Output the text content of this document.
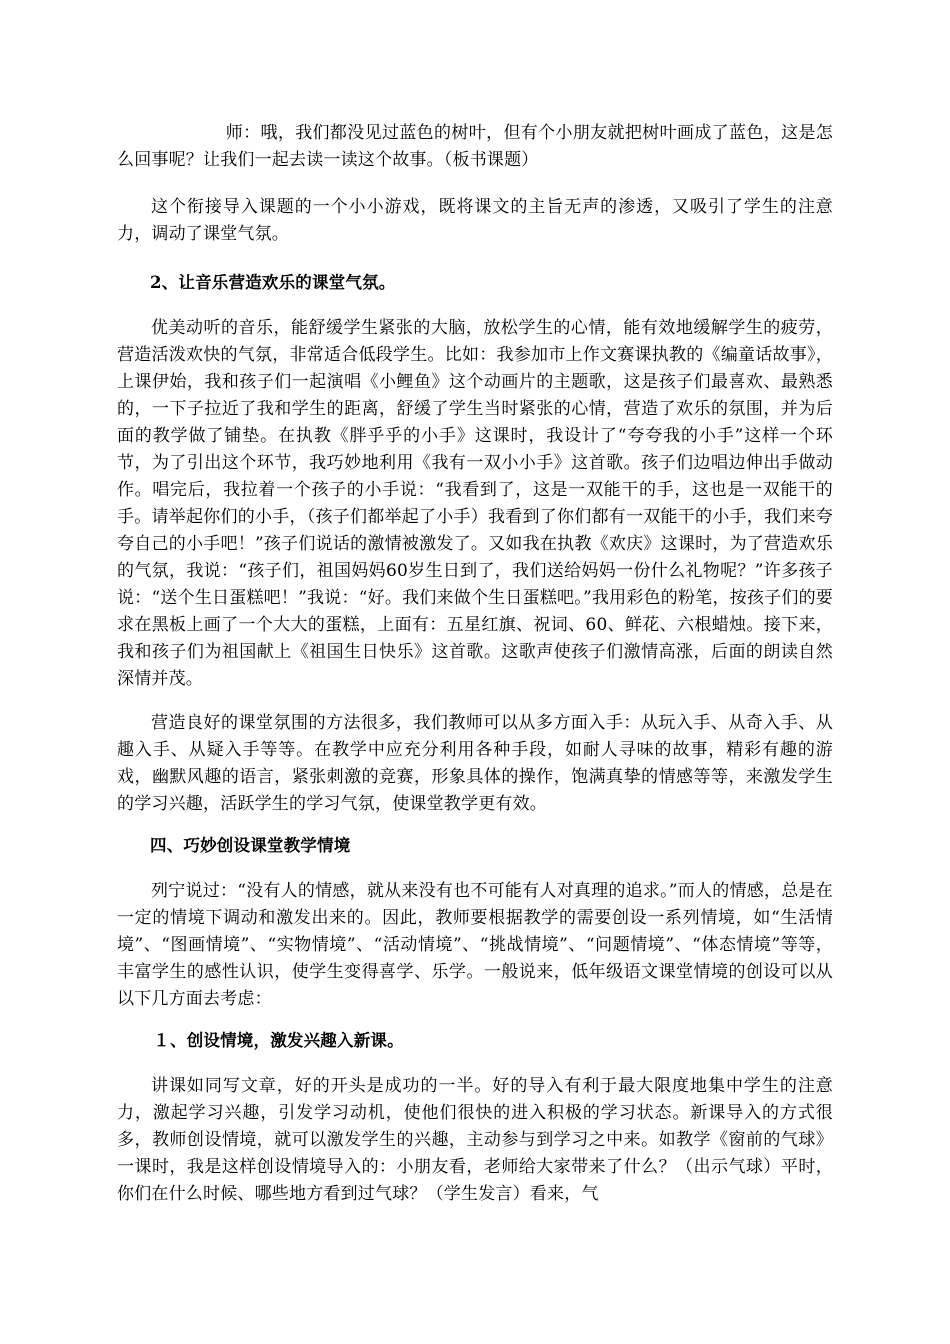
师：哦，我们都没见过蓝色的树叶，但有个小朋友就把树叶画成了蓝色，这是怎么回事呢？让我们一起去读一读这个故事。（板书课题）

这个衔接导入课题的一个小小游戏，既将课文的主旨无声的渗透，又吸引了学生的注意力，调动了课堂气氛。

2、让音乐营造欢乐的课堂气氛。

优美动听的音乐，能舒缓学生紧张的大脑，放松学生的心情，能有效地缓解学生的疲劳，营造活泼欢快的气氛，非常适合低段学生。比如：我参加市上作文赛课执教的《编童话故事》，上课伊始，我和孩子们一起演唱《小鲤鱼》这个动画片的主题歌，这是孩子们最喜欢、最熟悉的，一下子拉近了我和学生的距离，舒缓了学生当时紧张的心情，营造了欢乐的氛围，并为后面的教学做了铺垫。在执教《胖乎乎的小手》这课时，我设计了“夸夸我的小手”这样一个环节，为了引出这个环节，我巧妙地利用《我有一双小小手》这首歌。孩子们边唱边伸出手做动作。唱完后，我拉着一个孩子的小手说：“我看到了，这是一双能干的手，这也是一双能干的手。请举起你们的小手，（孩子们都举起了小手）我看到了你们都有一双能干的小手，我们来夸夸自己的小手吧！”孩子们说话的激情被激发了。又如我在执教《欢庆》这课时，为了营造欢乐的气氛，我说：“孩子们，祖国妈妈60岁生日到了，我们送给妈妈一份什么礼物呢？”许多孩子说：“送个生日蛋糕吧！”我说：“好。我们来做个生日蛋糕吧。”我用彩色的粉笔，按孩子们的要求在黑板上画了一个大大的蛋糕，上面有：五星红旗、祝词、60、鲜花、六根蜡烛。接下来，我和孩子们为祖国献上《祖国生日快乐》这首歌。这歌声使孩子们激情高涨，后面的朗读自然深情并茂。

营造良好的课堂氛围的方法很多，我们教师可以从多方面入手：从玩入手、从奇入手、从趣入手、从疑入手等等。在教学中应充分利用各种手段，如耐人寻味的故事，精彩有趣的游戏，幽默风趣的语言，紧张刺激的竞赛，形象具体的操作，饱满真挚的情感等等，来激发学生的学习兴趣，活跃学生的学习气氛，使课堂教学更有效。

四、巧妙创设课堂教学情境

列宁说过：“没有人的情感，就从来没有也不可能有人对真理的追求。”而人的情感，总是在一定的情境下调动和激发出来的。因此，教师要根据教学的需要创设一系列情境，如“生活情境”、“图画情境”、“实物情境”、“活动情境”、“挑战情境”、“问题情境”、“体态情境”等等，丰富学生的感性认识，使学生变得喜学、乐学。一般说来，低年级语文课堂情境的创设可以从以下几方面去考虑：

１、创设情境，激发兴趣入新课。

讲课如同写文章，好的开头是成功的一半。好的导入有利于最大限度地集中学生的注意力，激起学习兴趣，引发学习动机，使他们很快的进入积极的学习状态。新课导入的方式很多，教师创设情境，就可以激发学生的兴趣，主动参与到学习之中来。如教学《窗前的气球》一课时，我是这样创设情境导入的：小朋友看，老师给大家带来了什么？（出示气球）平时，你们在什么时候、哪些地方看到过气球？（学生发言）看来，气
